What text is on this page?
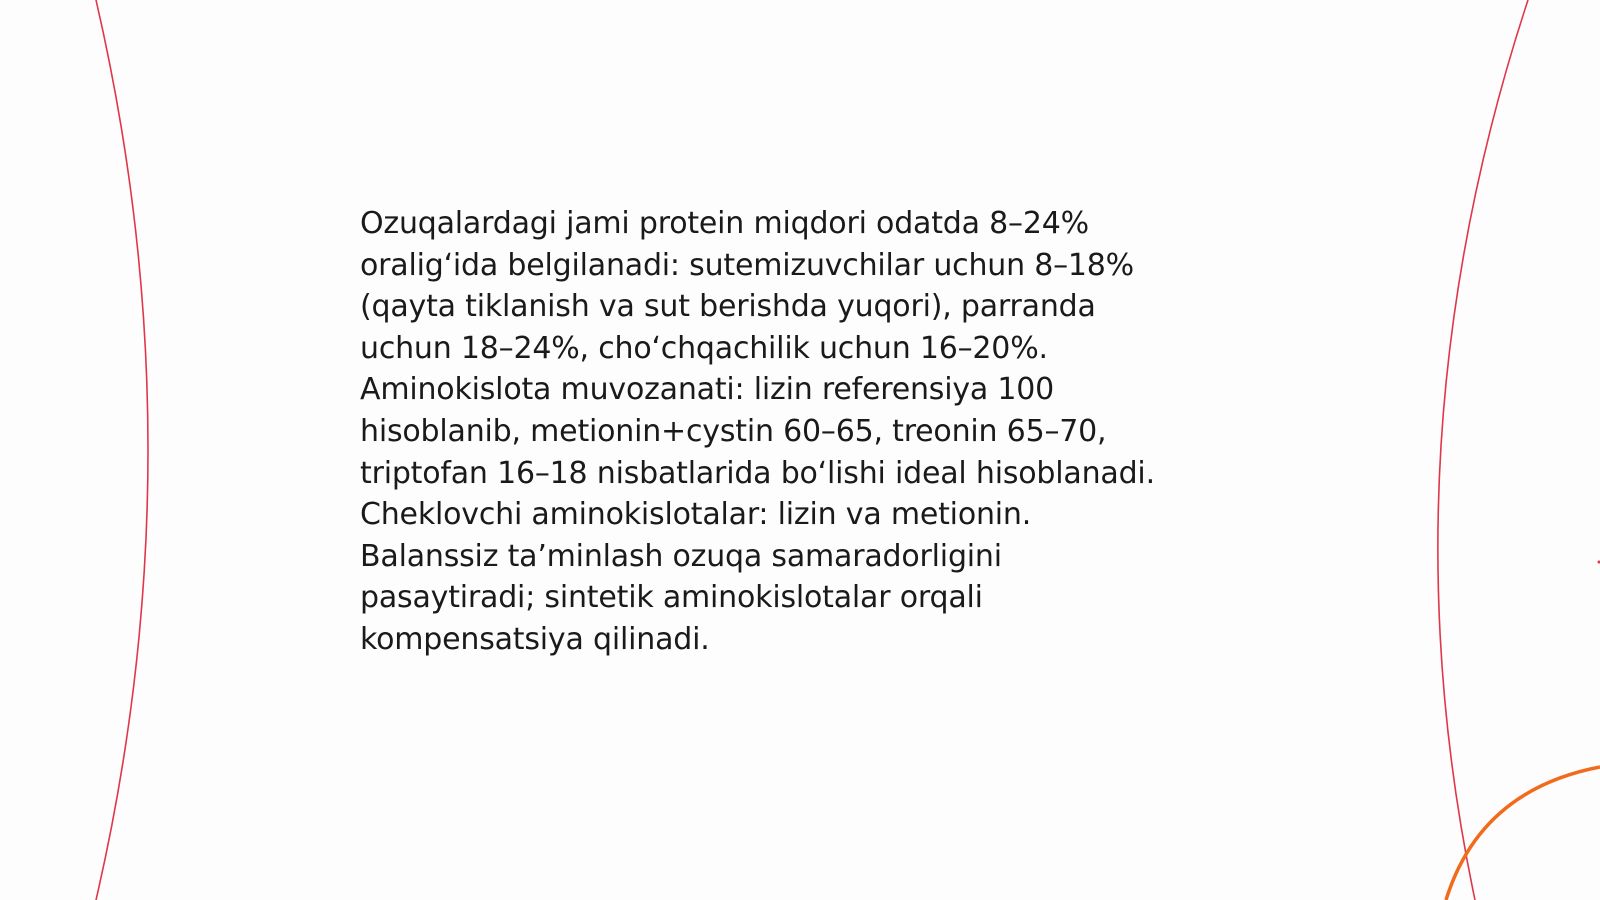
Ozuqalardagi jami protein miqdori odatda 8–24%
oralig‘ida belgilanadi: sutemizuvchilar uchun 8–18%
(qayta tiklanish va sut berishda yuqori), parranda
uchun 18–24%, cho‘chqachilik uchun 16–20%.
Aminokislota muvozanati: lizin referensiya 100
hisoblanib, metionin+cystin 60–65, treonin 65–70,
triptofan 16–18 nisbatlarida bo‘lishi ideal hisoblanadi.
Cheklovchi aminokislotalar: lizin va metionin.
Balanssiz ta’minlash ozuqa samaradorligini
pasaytiradi; sintetik aminokislotalar orqali
kompensatsiya qilinadi.
